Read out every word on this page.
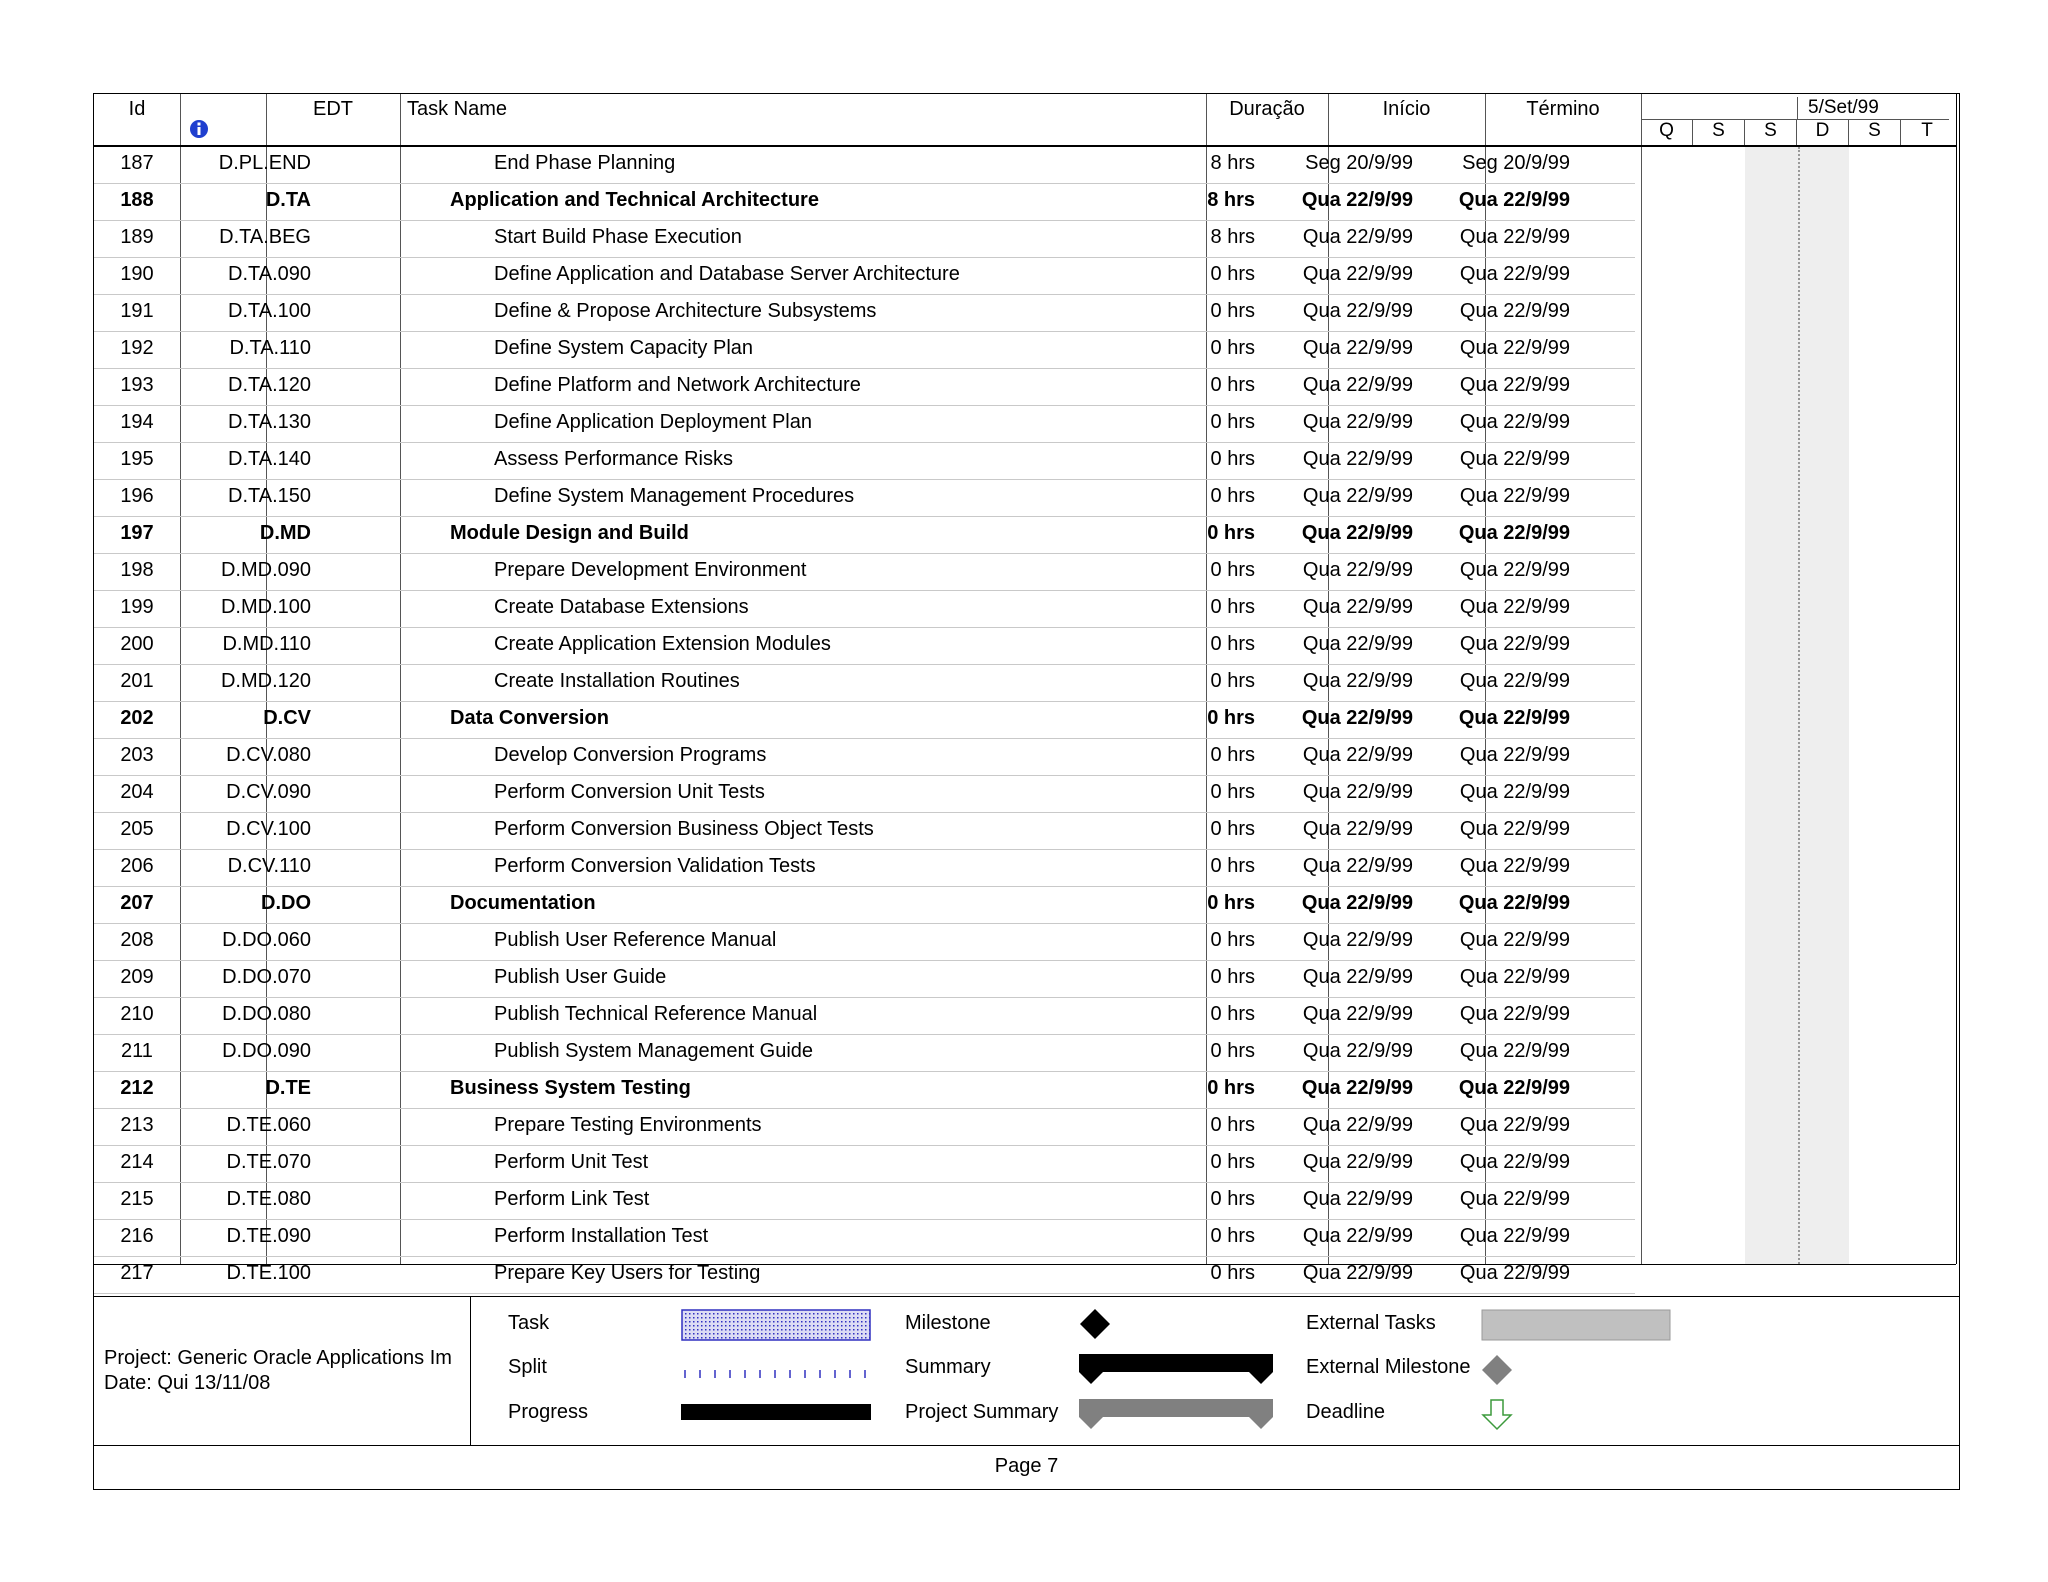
Id	EDT	Task Name	Duração	Início	Término	5/Set/99
Q	S	S	D	S	T
187	D.PL.END	End Phase Planning	8 hrs	Seg 20/9/99 Seg 20/9/99
188	D.TA	Application and Technical Architecture	8 hrs Qua 22/9/99 Qua 22/9/99
189	D.TA.BEG	Start Build Phase Execution	8 hrs Qua 22/9/99 Qua 22/9/99
190	D.TA.090	Define Application and Database Server Architecture	0 hrs Qua 22/9/99 Qua 22/9/99
191	D.TA.100	Define & Propose Architecture Subsystems	0 hrs Qua 22/9/99 Qua 22/9/99
192	D.TA.110	Define System Capacity Plan	0 hrs Qua 22/9/99 Qua 22/9/99
193	D.TA.120	Define Platform and Network Architecture	0 hrs Qua 22/9/99 Qua 22/9/99
194	D.TA.130	Define Application Deployment Plan	0 hrs Qua 22/9/99 Qua 22/9/99
195	D.TA.140	Assess Performance Risks	0 hrs Qua 22/9/99 Qua 22/9/99
196	D.TA.150	Define System Management Procedures	0 hrs Qua 22/9/99 Qua 22/9/99
197	D.MD	Module Design and Build	0 hrs Qua 22/9/99 Qua 22/9/99
198	D.MD.090	Prepare Development Environment	0 hrs Qua 22/9/99 Qua 22/9/99
199	D.MD.100	Create Database Extensions	0 hrs Qua 22/9/99 Qua 22/9/99
200	D.MD.110	Create Application Extension Modules	0 hrs Qua 22/9/99 Qua 22/9/99
201	D.MD.120	Create Installation Routines	0 hrs Qua 22/9/99 Qua 22/9/99
202	D.CV	Data Conversion	0 hrs Qua 22/9/99 Qua 22/9/99
203	D.CV.080	Develop Conversion Programs	0 hrs Qua 22/9/99 Qua 22/9/99
204	D.CV.090	Perform Conversion Unit Tests	0 hrs Qua 22/9/99 Qua 22/9/99
205	D.CV.100	Perform Conversion Business Object Tests	0 hrs Qua 22/9/99 Qua 22/9/99
206	D.CV.110	Perform Conversion Validation Tests	0 hrs Qua 22/9/99 Qua 22/9/99
207	D.DO	Documentation	0 hrs Qua 22/9/99 Qua 22/9/99
208	D.DO.060	Publish User Reference Manual	0 hrs Qua 22/9/99 Qua 22/9/99
209	D.DO.070	Publish User Guide	0 hrs Qua 22/9/99 Qua 22/9/99
210	D.DO.080	Publish Technical Reference Manual	0 hrs Qua 22/9/99 Qua 22/9/99
211	D.DO.090	Publish System Management Guide	0 hrs Qua 22/9/99 Qua 22/9/99
212	D.TE	Business System Testing	0 hrs Qua 22/9/99 Qua 22/9/99
213	D.TE.060	Prepare Testing Environments	0 hrs Qua 22/9/99 Qua 22/9/99
214	D.TE.070	Perform Unit Test	0 hrs Qua 22/9/99 Qua 22/9/99
215	D.TE.080	Perform Link Test	0 hrs Qua 22/9/99 Qua 22/9/99
216	D.TE.090	Perform Installation Test	0 hrs Qua 22/9/99 Qua 22/9/99
217	D.TE.100	Prepare Key Users for Testing	0 hrs Qua 22/9/99 Qua 22/9/99
Project: Generic Oracle Applications Im
Date: Qui 13/11/08
Task
Split
Progress
Milestone
Summary
Project Summary
External Tasks
External Milestone
Deadline
Page 7
